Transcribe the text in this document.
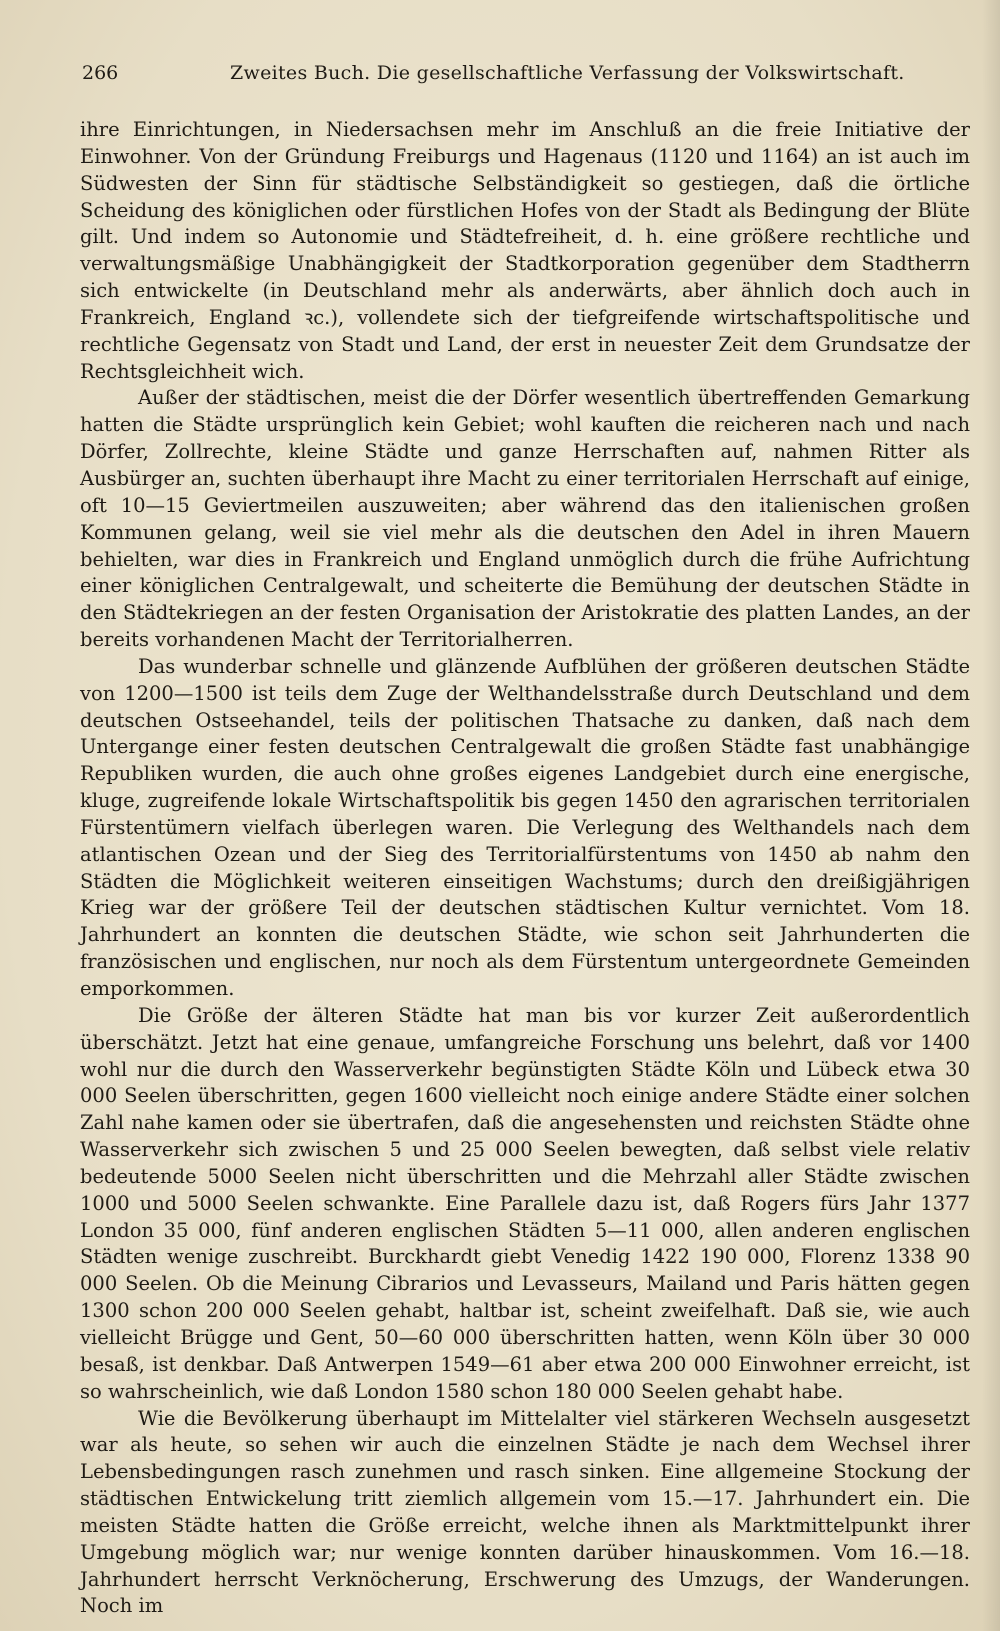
266	Zweites Buch. Die gesellschaftliche Verfassung der Volkswirtschaft.

ihre Einrichtungen, in Niedersachsen mehr im Anschluß an die freie Initiative der Einwohner. Von der Gründung Freiburgs und Hagenaus (1120 und 1164) an ist auch im Südwesten der Sinn für städtische Selbständigkeit so gestiegen, daß die örtliche Scheidung des königlichen oder fürstlichen Hofes von der Stadt als Bedingung der Blüte gilt. Und indem so Autonomie und Städtefreiheit, d. h. eine größere rechtliche und verwaltungsmäßige Unabhängigkeit der Stadtkorporation gegenüber dem Stadtherrn sich entwickelte (in Deutschland mehr als anderwärts, aber ähnlich doch auch in Frankreich, England ꝛc.), vollendete sich der tiefgreifende wirtschaftspolitische und rechtliche Gegensatz von Stadt und Land, der erst in neuester Zeit dem Grundsatze der Rechtsgleichheit wich.

Außer der städtischen, meist die der Dörfer wesentlich übertreffenden Gemarkung hatten die Städte ursprünglich kein Gebiet; wohl kauften die reicheren nach und nach Dörfer, Zollrechte, kleine Städte und ganze Herrschaften auf, nahmen Ritter als Ausbürger an, suchten überhaupt ihre Macht zu einer territorialen Herrschaft auf einige, oft 10—15 Geviertmeilen auszuweiten; aber während das den italienischen großen Kommunen gelang, weil sie viel mehr als die deutschen den Adel in ihren Mauern behielten, war dies in Frankreich und England unmöglich durch die frühe Aufrichtung einer königlichen Centralgewalt, und scheiterte die Bemühung der deutschen Städte in den Städtekriegen an der festen Organisation der Aristokratie des platten Landes, an der bereits vorhandenen Macht der Territorialherren.

Das wunderbar schnelle und glänzende Aufblühen der größeren deutschen Städte von 1200—1500 ist teils dem Zuge der Welthandelsstraße durch Deutschland und dem deutschen Ostseehandel, teils der politischen Thatsache zu danken, daß nach dem Untergange einer festen deutschen Centralgewalt die großen Städte fast unabhängige Republiken wurden, die auch ohne großes eigenes Landgebiet durch eine energische, kluge, zugreifende lokale Wirtschaftspolitik bis gegen 1450 den agrarischen territorialen Fürstentümern vielfach überlegen waren. Die Verlegung des Welthandels nach dem atlantischen Ozean und der Sieg des Territorialfürstentums von 1450 ab nahm den Städten die Möglichkeit weiteren einseitigen Wachstums; durch den dreißigjährigen Krieg war der größere Teil der deutschen städtischen Kultur vernichtet. Vom 18. Jahrhundert an konnten die deutschen Städte, wie schon seit Jahrhunderten die französischen und englischen, nur noch als dem Fürstentum untergeordnete Gemeinden emporkommen.

Die Größe der älteren Städte hat man bis vor kurzer Zeit außerordentlich überschätzt. Jetzt hat eine genaue, umfangreiche Forschung uns belehrt, daß vor 1400 wohl nur die durch den Wasserverkehr begünstigten Städte Köln und Lübeck etwa 30 000 Seelen überschritten, gegen 1600 vielleicht noch einige andere Städte einer solchen Zahl nahe kamen oder sie übertrafen, daß die angesehensten und reichsten Städte ohne Wasserverkehr sich zwischen 5 und 25 000 Seelen bewegten, daß selbst viele relativ bedeutende 5000 Seelen nicht überschritten und die Mehrzahl aller Städte zwischen 1000 und 5000 Seelen schwankte. Eine Parallele dazu ist, daß Rogers fürs Jahr 1377 London 35 000, fünf anderen englischen Städten 5—11 000, allen anderen englischen Städten wenige zuschreibt. Burckhardt giebt Venedig 1422 190 000, Florenz 1338 90 000 Seelen. Ob die Meinung Cibrarios und Levasseurs, Mailand und Paris hätten gegen 1300 schon 200 000 Seelen gehabt, haltbar ist, scheint zweifelhaft. Daß sie, wie auch vielleicht Brügge und Gent, 50—60 000 überschritten hatten, wenn Köln über 30 000 besaß, ist denkbar. Daß Antwerpen 1549—61 aber etwa 200 000 Einwohner erreicht, ist so wahrscheinlich, wie daß London 1580 schon 180 000 Seelen gehabt habe.

Wie die Bevölkerung überhaupt im Mittelalter viel stärkeren Wechseln ausgesetzt war als heute, so sehen wir auch die einzelnen Städte je nach dem Wechsel ihrer Lebensbedingungen rasch zunehmen und rasch sinken. Eine allgemeine Stockung der städtischen Entwickelung tritt ziemlich allgemein vom 15.—17. Jahrhundert ein. Die meisten Städte hatten die Größe erreicht, welche ihnen als Marktmittelpunkt ihrer Umgebung möglich war; nur wenige konnten darüber hinauskommen. Vom 16.—18. Jahrhundert herrscht Verknöcherung, Erschwerung des Umzugs, der Wanderungen. Noch im
